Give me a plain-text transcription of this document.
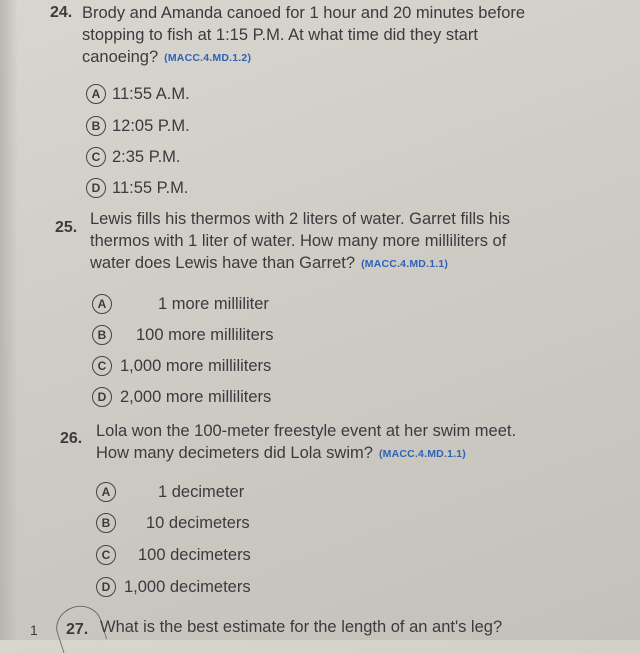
24. Brody and Amanda canoed for 1 hour and 20 minutes before
stopping to fish at 1:15 P.M. At what time did they start
canoeing? (MACC.4.MD.1.2)
A 11:55 A.M.
B 12:05 P.M.
C 2:35 P.M.
D 11:55 P.M.
25. Lewis fills his thermos with 2 liters of water. Garret fills his
thermos with 1 liter of water. How many more milliliters of
water does Lewis have than Garret? (MACC.4.MD.1.1)
A	1 more milliliter
B 100 more milliliters
C 1,000 more milliliters
D 2,000 more milliliters
26. Lola won the 100-meter freestyle event at her swim meet.
How many decimeters did Lola swim? (MACC.4.MD.1.1)
A	1 decimeter
B 10 decimeters
C 100 decimeters
D 1,000 decimeters
1 27. What is the best estimate for the length of an ant's leg?
